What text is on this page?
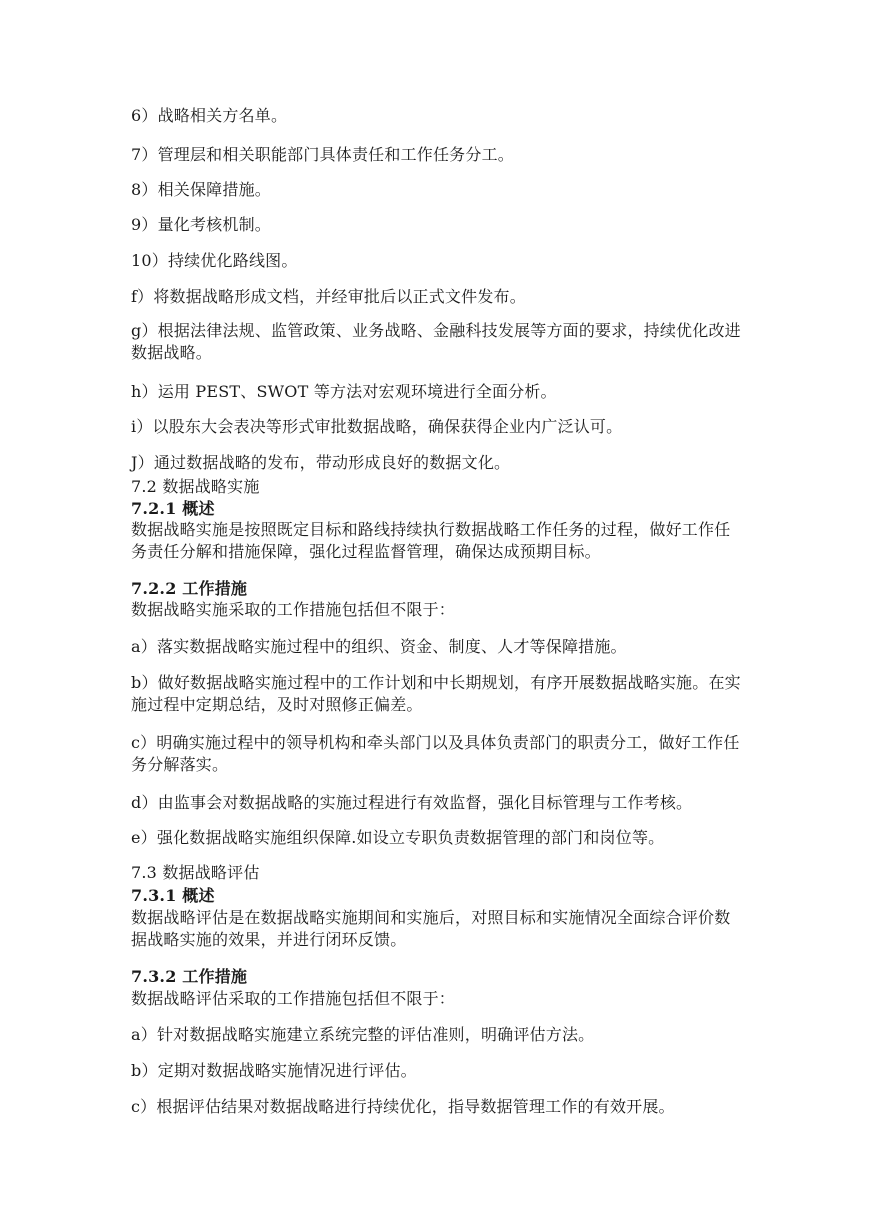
6）战略相关方名单。

7）管理层和相关职能部门具体责任和工作任务分工。

8）相关保障措施。

9）量化考核机制。

10）持续优化路线图。

f）将数据战略形成文档，并经审批后以正式文件发布。

g）根据法律法规、监管政策、业务战略、金融科技发展等方面的要求，持续优化改进数据战略。

h）运用 PEST、SWOT 等方法对宏观环境进行全面分析。

i）以股东大会表决等形式审批数据战略，确保获得企业内广泛认可。

J）通过数据战略的发布，带动形成良好的数据文化。

7.2 数据战略实施

7.2.1 概述

数据战略实施是按照既定目标和路线持续执行数据战略工作任务的过程，做好工作任务责任分解和措施保障，强化过程监督管理，确保达成预期目标。

7.2.2 工作措施

数据战略实施采取的工作措施包括但不限于：

a）落实数据战略实施过程中的组织、资金、制度、人才等保障措施。

b）做好数据战略实施过程中的工作计划和中长期规划，有序开展数据战略实施。在实施过程中定期总结，及时对照修正偏差。

c）明确实施过程中的领导机构和牵头部门以及具体负责部门的职责分工，做好工作任务分解落实。

d）由监事会对数据战略的实施过程进行有效监督，强化目标管理与工作考核。

e）强化数据战略实施组织保障.如设立专职负责数据管理的部门和岗位等。

7.3 数据战略评估

7.3.1 概述

数据战略评估是在数据战略实施期间和实施后，对照目标和实施情况全面综合评价数据战略实施的效果，并进行闭环反馈。

7.3.2 工作措施

数据战略评估采取的工作措施包括但不限于：

a）针对数据战略实施建立系统完整的评估准则，明确评估方法。

b）定期对数据战略实施情况进行评估。

c）根据评估结果对数据战略进行持续优化，指导数据管理工作的有效开展。
